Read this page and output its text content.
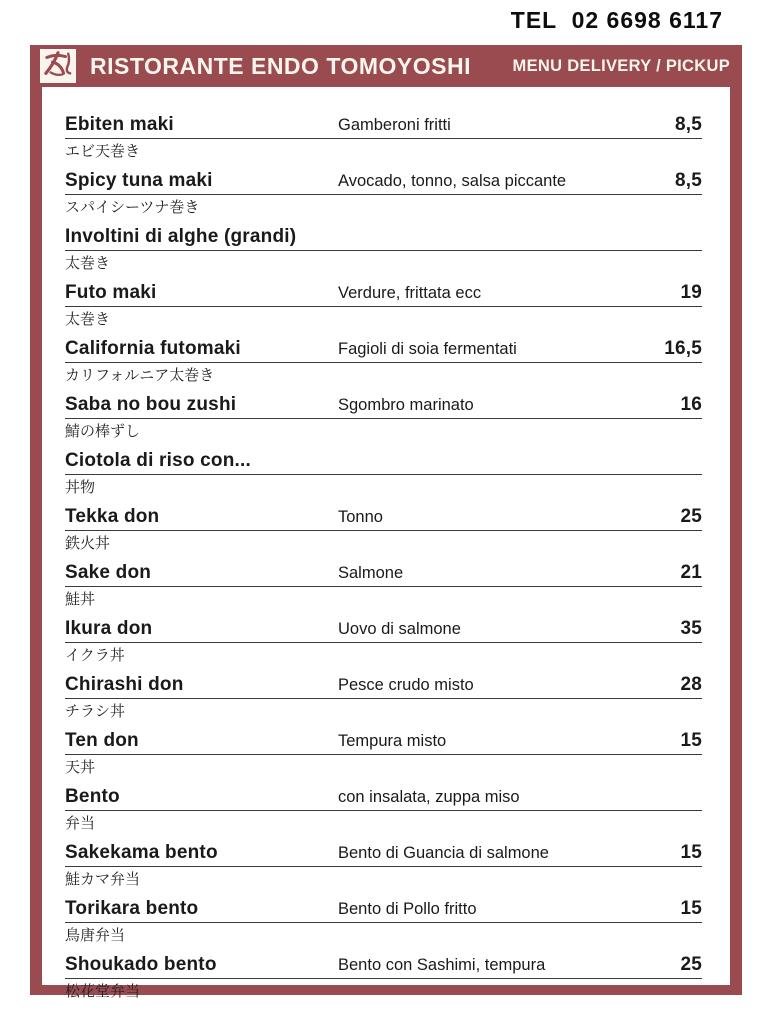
TEL  02 6698 6117
RISTORANTE ENDO TOMOYOSHI	MENU DELIVERY / PICKUP
Ebiten maki	Gamberoni fritti	8,5
エビ天巻き
Spicy tuna maki	Avocado, tonno, salsa piccante	8,5
スパイシーツナ巻き
Involtini di alghe (grandi)
太巻き
Futo maki	Verdure, frittata ecc	19
太巻き
California futomaki	Fagioli di soia fermentati	16,5
カリフォルニア太巻き
Saba no bou zushi	Sgombro marinato	16
鯖の棒ずし
Ciotola di riso con...
丼物
Tekka don	Tonno	25
鉄火丼
Sake don	Salmone	21
鮭丼
Ikura don	Uovo di salmone	35
イクラ丼
Chirashi don	Pesce crudo misto	28
チラシ丼
Ten don	Tempura misto	15
天丼
Bento	con insalata, zuppa miso
弁当
Sakekama bento	Bento di Guancia di salmone	15
鮭カマ弁当
Torikara bento	Bento di Pollo fritto	15
鳥唐弁当
Shoukado bento	Bento con Sashimi, tempura	25
松花堂弁当
